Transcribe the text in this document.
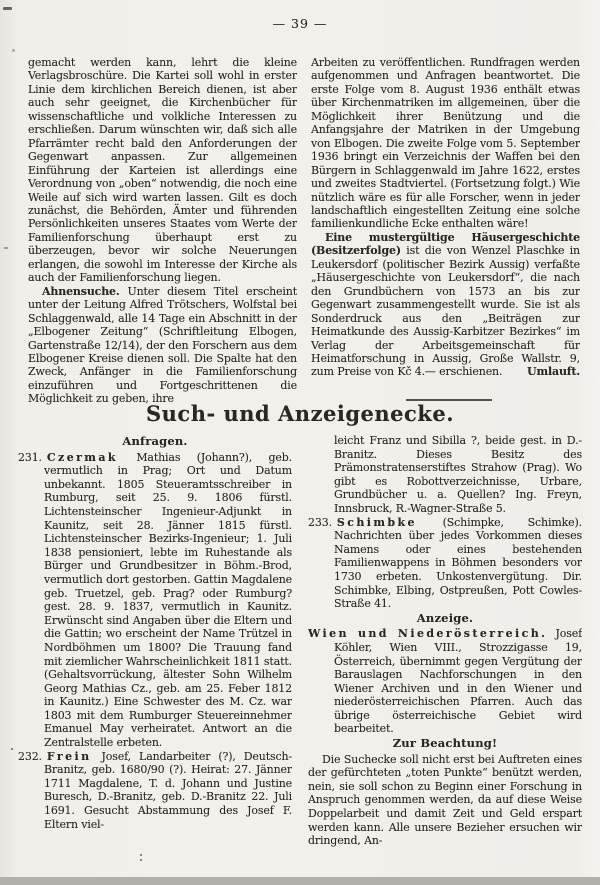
— 39 —

gemacht werden kann, lehrt die kleine Verlagsbroschüre. Die Kartei soll wohl in erster Linie dem kirchlichen Bereich dienen, ist aber auch sehr geeignet, die Kirchenbücher für wissenschaftliche und volkliche Interessen zu erschließen. Darum wünschten wir, daß sich alle Pfarrämter recht bald den Anforderungen der Gegenwart anpassen. Zur allgemeinen Einführung der Karteien ist allerdings eine Verordnung von „oben“ notwendig, die noch eine Weile auf sich wird warten lassen. Gilt es doch zunächst, die Behörden, Ämter und führenden Persönlichkeiten unseres Staates vom Werte der Familienforschung überhaupt erst zu überzeugen, bevor wir solche Neuerungen erlangen, die sowohl im Interesse der Kirche als auch der Familienforschung liegen.

Ahnensuche. Unter diesem Titel erscheint unter der Leitung Alfred Trötschers, Wolfstal bei Schlaggenwald, alle 14 Tage ein Abschnitt in der „Elbogener Zeitung“ (Schriftleitung Elbogen, Gartenstraße 12/14), der den Forschern aus dem Elbogener Kreise dienen soll. Die Spalte hat den Zweck, Anfänger in die Familienforschung einzuführen und Fortgeschrittenen die Möglichkeit zu geben, ihre

Arbeiten zu veröffentlichen. Rundfragen werden aufgenommen und Anfragen beantwortet. Die erste Folge vom 8. August 1936 enthält etwas über Kirchenmatriken im allgemeinen, über die Möglichkeit ihrer Benützung und die Anfangsjahre der Matriken in der Umgebung von Elbogen. Die zweite Folge vom 5. September 1936 bringt ein Verzeichnis der Waffen bei den Bürgern in Schlaggenwald im Jahre 1622, erstes und zweites Stadtviertel. (Fortsetzung folgt.) Wie nützlich wäre es für alle Forscher, wenn in jeder landschaftlich eingestellten Zeitung eine solche familienkundliche Ecke enthalten wäre!

Eine mustergültige Häusergeschichte (Besitzerfolge) ist die von Wenzel Plaschke in Leukersdorf (politischer Bezirk Aussig) verfaßte „Häusergeschichte von Leukersdorf“, die nach den Grundbüchern von 1573 an bis zur Gegenwart zusammengestellt wurde. Sie ist als Sonderdruck aus den „Beiträgen zur Heimatkunde des Aussig-Karbitzer Bezirkes“ im Verlag der Arbeitsgemeinschaft für Heimatforschung in Aussig, Große Wallstr. 9, zum Preise von Kč 4.— erschienen.	Umlauft.

Such- und Anzeigenecke.
Anfragen.
231. Czermak Mathias (Johann?), geb. vermutlich in Prag; Ort und Datum unbekannt. 1805 Steueramtsschreiber in Rumburg, seit 25. 9. 1806 fürstl. Lichtensteinscher Ingenieur-Adjunkt in Kaunitz, seit 28. Jänner 1815 fürstl. Lichtensteinscher Bezirks-Ingenieur; 1. Juli 1838 pensioniert, lebte im Ruhestande als Bürger und Grundbesitzer in Böhm.-Brod, vermutlich dort gestorben. Gattin Magdalene geb. Truetzel, geb. Prag? oder Rumburg? gest. 28. 9. 1837, vermutlich in Kaunitz. Erwünscht sind Angaben über die Eltern und die Gattin; wo erscheint der Name Trützel in Nordböhmen um 1800? Die Trauung fand mit ziemlicher Wahrscheinlichkeit 1811 statt. (Gehaltsvorrückung, ältester Sohn Wilhelm Georg Mathias Cz., geb. am 25. Feber 1812 in Kaunitz.) Eine Schwester des M. Cz. war 1803 mit dem Rumburger Steuereinnehmer Emanuel May verheiratet. Antwort an die Zentralstelle erbeten.
232. Frein Josef, Landarbeiter (?), Deutsch-Branitz, geb. 1680/90 (?). Heirat: 27. Jänner 1711 Magdalene, T. d. Johann und Justine Buresch, D.-Branitz, geb. D.-Branitz 22. Juli 1691. Gesucht Abstammung des Josef F. Eltern viel-

leicht Franz und Sibilla ?, beide gest. in D.-Branitz. Dieses Besitz des Prämonstratenserstiftes Strahow (Prag). Wo gibt es Robottverzeichnisse, Urbare, Grundbücher u. a. Quellen? Ing. Freyn, Innsbruck, R.-Wagner-Straße 5.

233. Schimbke (Schimpke, Schimke). Nachrichten über jedes Vorkommen dieses Namens oder eines bestehenden Familienwappens in Böhmen besonders vor 1730 erbeten. Unkostenvergütung. Dir. Schimbke, Elbing, Ostpreußen, Pott Cowles-Straße 41.
Anzeige.
Wien und Niederösterreich. Josef Köhler, Wien VIII., Strozzigasse 19, Österreich, übernimmt gegen Vergütung der Barauslagen Nachforschungen in den Wiener Archiven und in den Wiener und niederösterreichischen Pfarren. Auch das übrige österreichische Gebiet wird bearbeitet.
Zur Beachtung!

Die Suchecke soll nicht erst bei Auftreten eines der gefürchteten „toten Punkte“ benützt werden, nein, sie soll schon zu Beginn einer Forschung in Anspruch genommen werden, da auf diese Weise Doppelarbeit und damit Zeit und Geld erspart werden kann. Alle unsere Bezieher ersuchen wir dringend, An-
